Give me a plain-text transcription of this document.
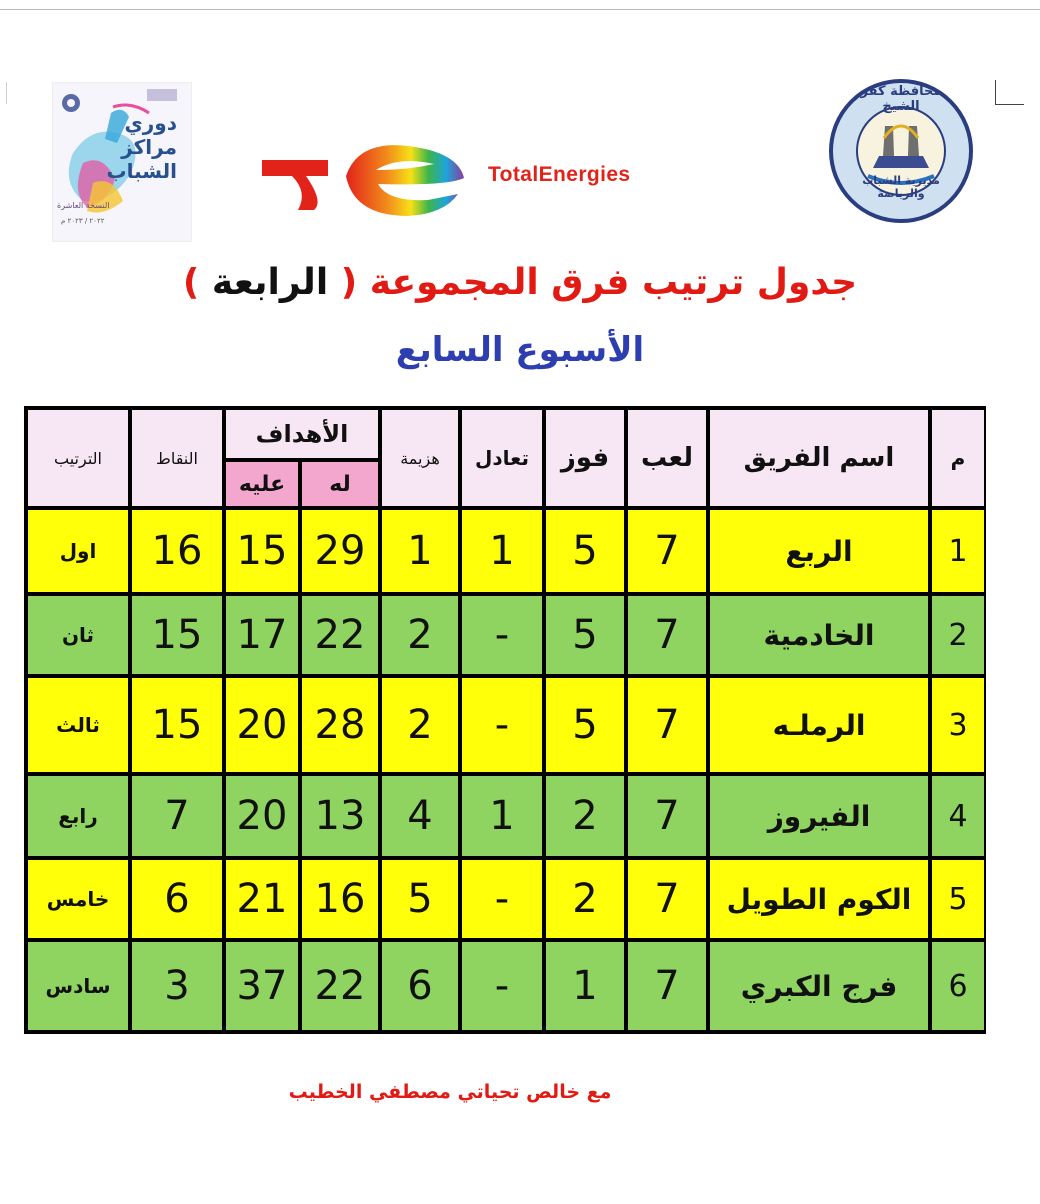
دوري مراكز الشباب
النسخة العاشرة
٢٠٢٢ / ٢٠٢٣ م
TotalEnergies
محافظة كفر الشيخ
مديرية الشباب والرياضة
جدول ترتيب فرق المجموعة ( الرابعة )
الأسبوع السابع
م
اسم الفريق
لعب
فوز
تعادل
هزيمة
الأهداف
له
عليه
النقاط
الترتيب
1
الربع
7
5
1
1
29
15
16
اول
2
الخادمية
7
5
-
2
22
17
15
ثان
3
الرملـه
7
5
-
2
28
20
15
ثالث
4
الفيروز
7
2
1
4
13
20
7
رابع
5
الكوم الطويل
7
2
-
5
16
21
6
خامس
6
فرج الكبري
7
1
-
6
22
37
3
سادس
مع خالص تحياتي مصطفي الخطيب
